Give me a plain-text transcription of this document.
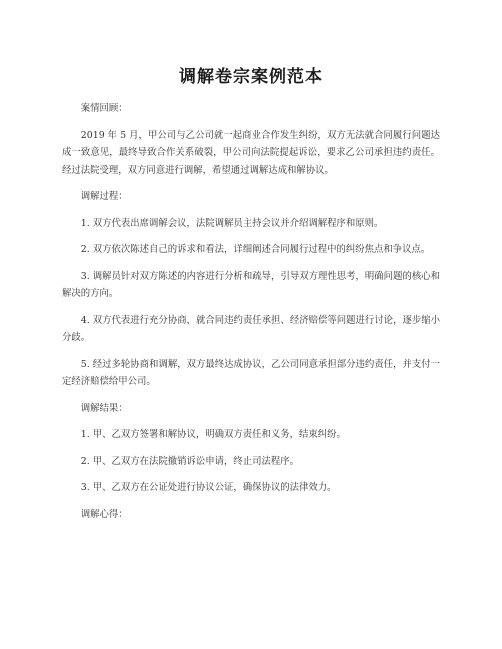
调解卷宗案例范本

案情回顾：

2019 年 5 月，甲公司与乙公司就一起商业合作发生纠纷，双方无法就合同履行问题达成一致意见，最终导致合作关系破裂，甲公司向法院提起诉讼，要求乙公司承担违约责任。经过法院受理，双方同意进行调解，希望通过调解达成和解协议。

调解过程：

1. 双方代表出席调解会议，法院调解员主持会议并介绍调解程序和原则。

2. 双方依次陈述自己的诉求和看法，详细阐述合同履行过程中的纠纷焦点和争议点。

3. 调解员针对双方陈述的内容进行分析和疏导，引导双方理性思考，明确问题的核心和解决的方向。

4. 双方代表进行充分协商，就合同违约责任承担、经济赔偿等问题进行讨论，逐步缩小分歧。

5. 经过多轮协商和调解，双方最终达成协议，乙公司同意承担部分违约责任，并支付一定经济赔偿给甲公司。

调解结果：

1. 甲、乙双方签署和解协议，明确双方责任和义务，结束纠纷。

2. 甲、乙双方在法院撤销诉讼申请，终止司法程序。

3. 甲、乙双方在公证处进行协议公证，确保协议的法律效力。

调解心得：
